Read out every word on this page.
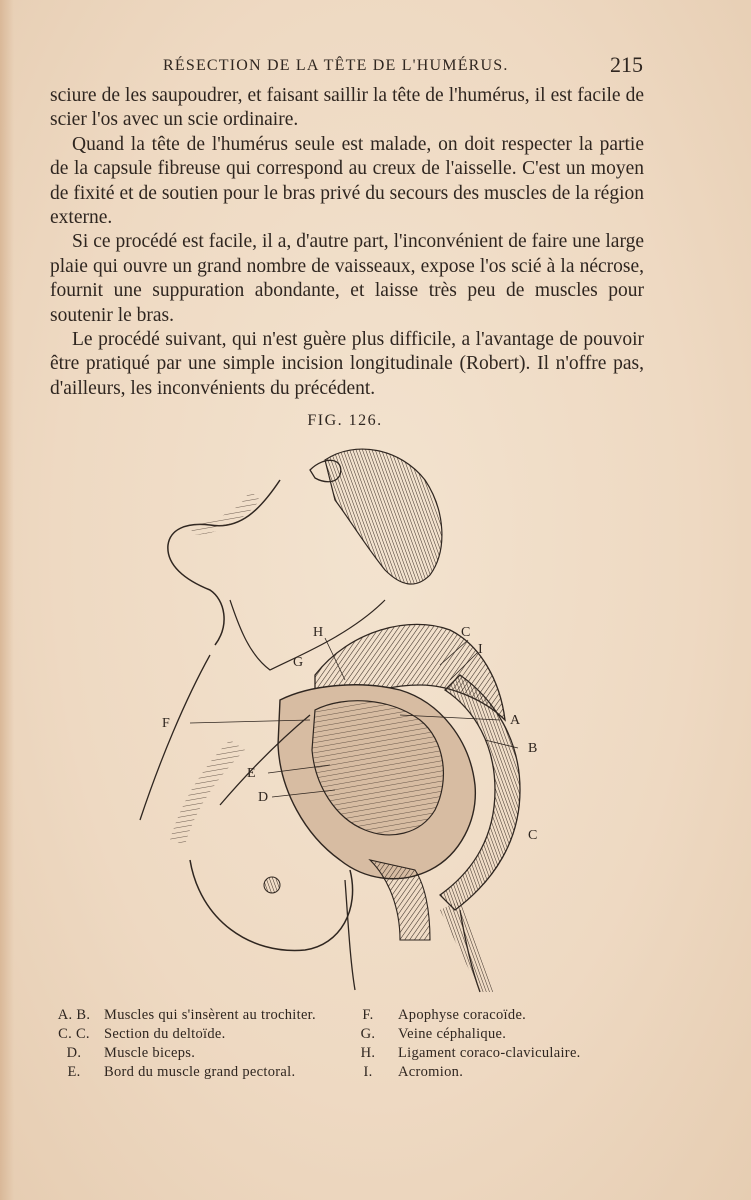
RÉSECTION DE LA TÊTE DE L'HUMÉRUS.	215

sciure de les saupoudrer, et faisant saillir la tête de l'humérus, il est facile de scier l'os avec un scie ordinaire.

Quand la tête de l'humérus seule est malade, on doit respecter la partie de la capsule fibreuse qui correspond au creux de l'aisselle. C'est un moyen de fixité et de soutien pour le bras privé du secours des muscles de la région externe.

Si ce procédé est facile, il a, d'autre part, l'inconvénient de faire une large plaie qui ouvre un grand nombre de vaisseaux, expose l'os scié à la nécrose, fournit une suppuration abondante, et laisse très peu de muscles pour soutenir le bras.

Le procédé suivant, qui n'est guère plus difficile, a l'avantage de pouvoir être pratiqué par une simple incision longitudinale (Robert). Il n'offre pas, d'ailleurs, les inconvénients du précédent.

FIG. 126.
H	C
I
G
F	A
B
E
D
C
A. B. Muscles qui s'insèrent au trochiter.	F.	Apophyse coracoïde.
C. C. Section du deltoïde.	G.	Veine céphalique.
D.	Muscle biceps.	H.	Ligament coraco-claviculaire.
E.	Bord du muscle grand pectoral.	I.	Acromion.
